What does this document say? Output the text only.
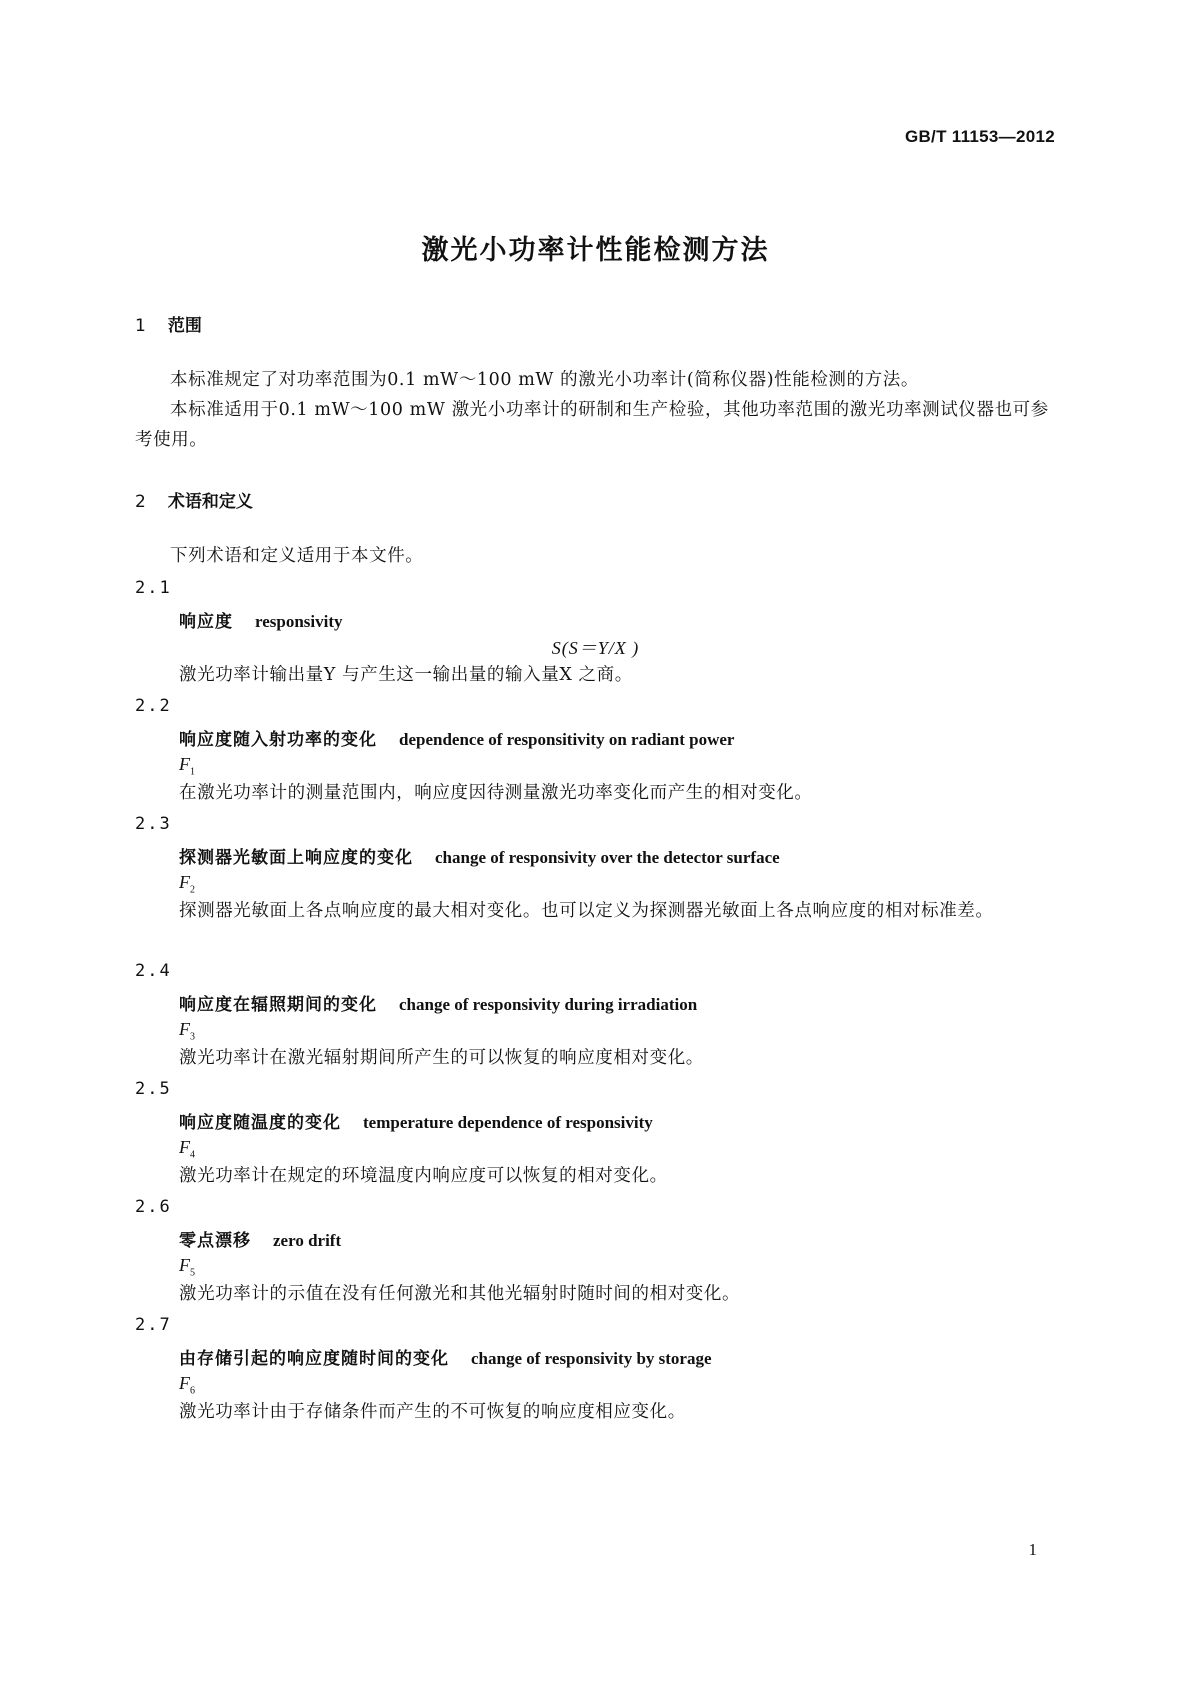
GB/T 11153—2012
激光小功率计性能检测方法
1 范围

本标准规定了对功率范围为0.1 mW～100 mW 的激光小功率计(简称仪器)性能检测的方法。

本标准适用于0.1 mW～100 mW 激光小功率计的研制和生产检验，其他功率范围的激光功率测试仪器也可参考使用。

2 术语和定义

下列术语和定义适用于本文件。

2.1
响应度 responsivity
S(S＝Y/X )

激光功率计输出量Y 与产生这一输出量的输入量X 之商。

2.2
响应度随入射功率的变化 dependence of responsitivity on radiant power
$F_1$

在激光功率计的测量范围内，响应度因待测量激光功率变化而产生的相对变化。

2.3
探测器光敏面上响应度的变化 change of responsivity over the detector surface
$F_2$

探测器光敏面上各点响应度的最大相对变化。也可以定义为探测器光敏面上各点响应度的相对标准差。

2.4
响应度在辐照期间的变化 change of responsivity during irradiation
$F_3$

激光功率计在激光辐射期间所产生的可以恢复的响应度相对变化。

2.5
响应度随温度的变化 temperature dependence of responsivity
$F_4$

激光功率计在规定的环境温度内响应度可以恢复的相对变化。

2.6
零点漂移 zero drift
$F_5$

激光功率计的示值在没有任何激光和其他光辐射时随时间的相对变化。

2.7
由存储引起的响应度随时间的变化 change of responsivity by storage
$F_6$

激光功率计由于存储条件而产生的不可恢复的响应度相应变化。

1
